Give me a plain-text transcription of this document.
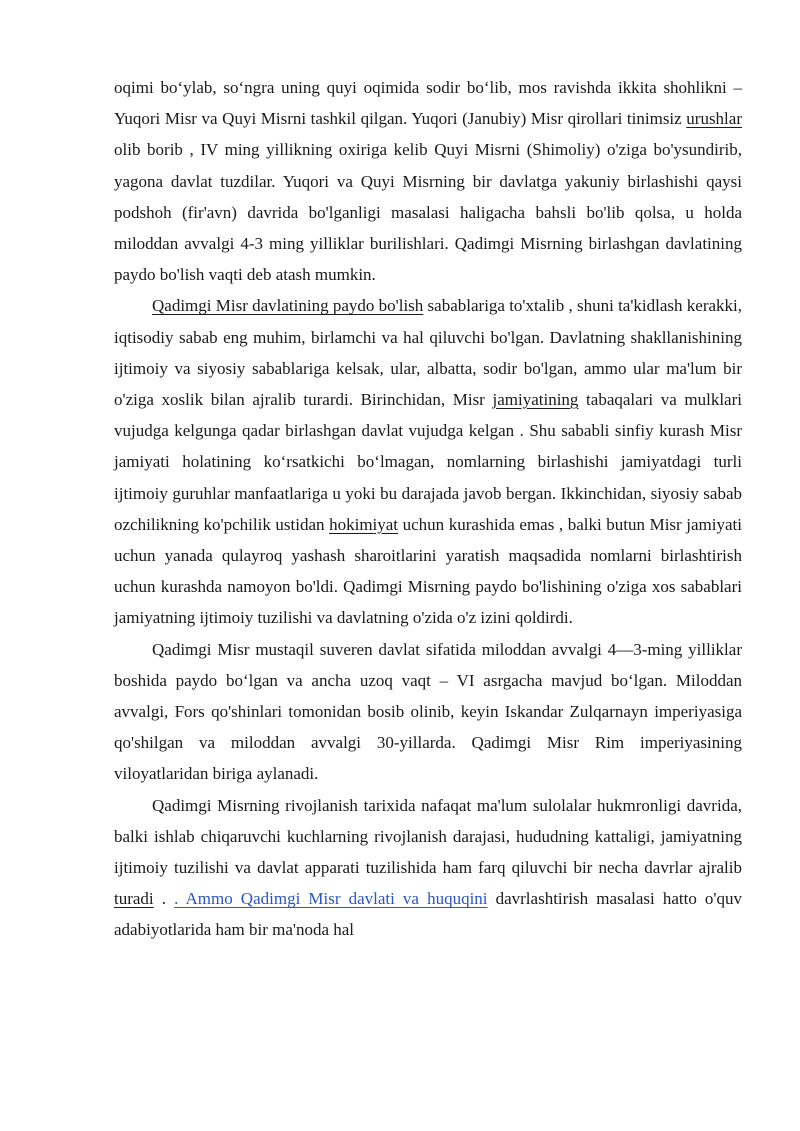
oqimi boʻylab, soʻngra uning quyi oqimida sodir boʻlib, mos ravishda ikkita shohlikni – Yuqori Misr va Quyi Misrni tashkil qilgan. Yuqori (Janubiy) Misr qirollari tinimsiz urushlar olib borib , IV ming yillikning oxiriga kelib Quyi Misrni (Shimoliy) o'ziga bo'ysundirib, yagona davlat tuzdilar. Yuqori va Quyi Misrning bir davlatga yakuniy birlashishi qaysi podshoh (fir'avn) davrida bo'lganligi masalasi haligacha bahsli bo'lib qolsa, u holda miloddan avvalgi 4-3 ming yilliklar burilishlari. Qadimgi Misrning birlashgan davlatining paydo bo'lish vaqti deb atash mumkin.

Qadimgi Misr davlatining paydo bo'lish sabablariga to'xtalib , shuni ta'kidlash kerakki, iqtisodiy sabab eng muhim, birlamchi va hal qiluvchi bo'lgan. Davlatning shakllanishining ijtimoiy va siyosiy sabablariga kelsak, ular, albatta, sodir bo'lgan, ammo ular ma'lum bir o'ziga xoslik bilan ajralib turardi. Birinchidan, Misr jamiyatining tabaqalari va mulklari vujudga kelgunga qadar birlashgan davlat vujudga kelgan . Shu sababli sinfiy kurash Misr jamiyati holatining koʻrsatkichi boʻlmagan, nomlarning birlashishi jamiyatdagi turli ijtimoiy guruhlar manfaatlariga u yoki bu darajada javob bergan. Ikkinchidan, siyosiy sabab ozchilikning ko'pchilik ustidan hokimiyat uchun kurashida emas , balki butun Misr jamiyati uchun yanada qulayroq yashash sharoitlarini yaratish maqsadida nomlarni birlashtirish uchun kurashda namoyon bo'ldi. Qadimgi Misrning paydo bo'lishining o'ziga xos sabablari jamiyatning ijtimoiy tuzilishi va davlatning o'zida o'z izini qoldirdi.

Qadimgi Misr mustaqil suveren davlat sifatida miloddan avvalgi 4—3-ming yilliklar boshida paydo boʻlgan va ancha uzoq vaqt – VI asrgacha mavjud boʻlgan. Miloddan avvalgi, Fors qo'shinlari tomonidan bosib olinib, keyin Iskandar Zulqarnayn imperiyasiga qo'shilgan va miloddan avvalgi 30-yillarda. Qadimgi Misr Rim imperiyasining viloyatlaridan biriga aylanadi.

Qadimgi Misrning rivojlanish tarixida nafaqat ma'lum sulolalar hukmronligi davrida, balki ishlab chiqaruvchi kuchlarning rivojlanish darajasi, hududning kattaligi, jamiyatning ijtimoiy tuzilishi va davlat apparati tuzilishida ham farq qiluvchi bir necha davrlar ajralib turadi . . Ammo Qadimgi Misr davlati va huquqini davrlashtirish masalasi hatto o'quv adabiyotlarida ham bir ma'noda hal
